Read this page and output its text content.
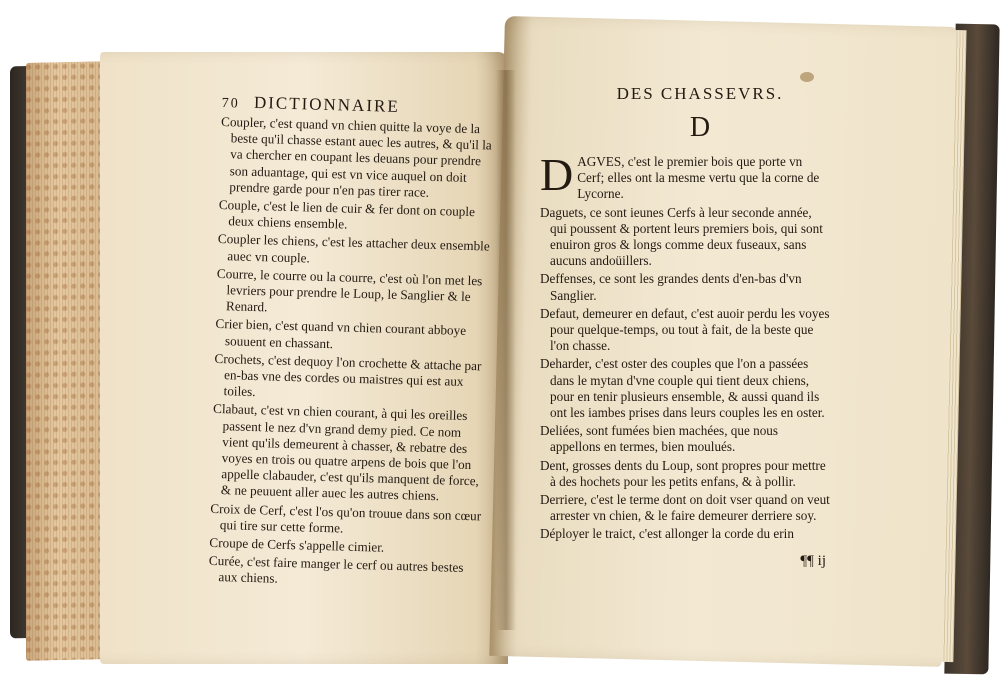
70 DICTIONNAIRE

Coupler, c'est quand vn chien quitte la voye de la beste qu'il chasse estant auec les autres, & qu'il la va chercher en coupant les deuans pour prendre son aduantage, qui est vn vice auquel on doit prendre garde pour n'en pas tirer race.

Couple, c'est le lien de cuir & fer dont on couple deux chiens ensemble.

Coupler les chiens, c'est les attacher deux ensemble auec vn couple.

Courre, le courre ou la courre, c'est où l'on met les levriers pour prendre le Loup, le Sanglier & le Renard.

Crier bien, c'est quand vn chien courant abboye souuent en chassant.

Crochets, c'est dequoy l'on crochette & attache par en-bas vne des cordes ou maistres qui est aux toiles.

Clabaut, c'est vn chien courant, à qui les oreilles passent le nez d'vn grand demy pied. Ce nom vient qu'ils demeurent à chasser, & rebatre des voyes en trois ou quatre arpens de bois que l'on appelle clabauder, c'est qu'ils manquent de force, & ne peuuent aller auec les autres chiens.

Croix de Cerf, c'est l'os qu'on trouue dans son cœur qui tire sur cette forme.

Croupe de Cerfs s'appelle cimier.

Curée, c'est faire manger le cerf ou autres bestes aux chiens.

DES CHASSEVRS.
D

DAGVES, c'est le premier bois que porte vn Cerf; elles ont la mesme vertu que la corne de Lycorne.

Daguets, ce sont ieunes Cerfs à leur seconde année, qui poussent & portent leurs premiers bois, qui sont enuiron gros & longs comme deux fuseaux, sans aucuns andoüillers.

Deffenses, ce sont les grandes dents d'en-bas d'vn Sanglier.

Defaut, demeurer en defaut, c'est auoir perdu les voyes pour quelque-temps, ou tout à fait, de la beste que l'on chasse.

Deharder, c'est oster des couples que l'on a passées dans le mytan d'vne couple qui tient deux chiens, pour en tenir plusieurs ensemble, & aussi quand ils ont les iambes prises dans leurs couples les en oster.

Deliées, sont fumées bien machées, que nous appellons en termes, bien moulués.

Dent, grosses dents du Loup, sont propres pour mettre à des hochets pour les petits enfans, & à pollir.

Derriere, c'est le terme dont on doit vser quand on veut arrester vn chien, & le faire demeurer derriere soy.

Déployer le traict, c'est allonger la corde du erin

¶¶ ij
